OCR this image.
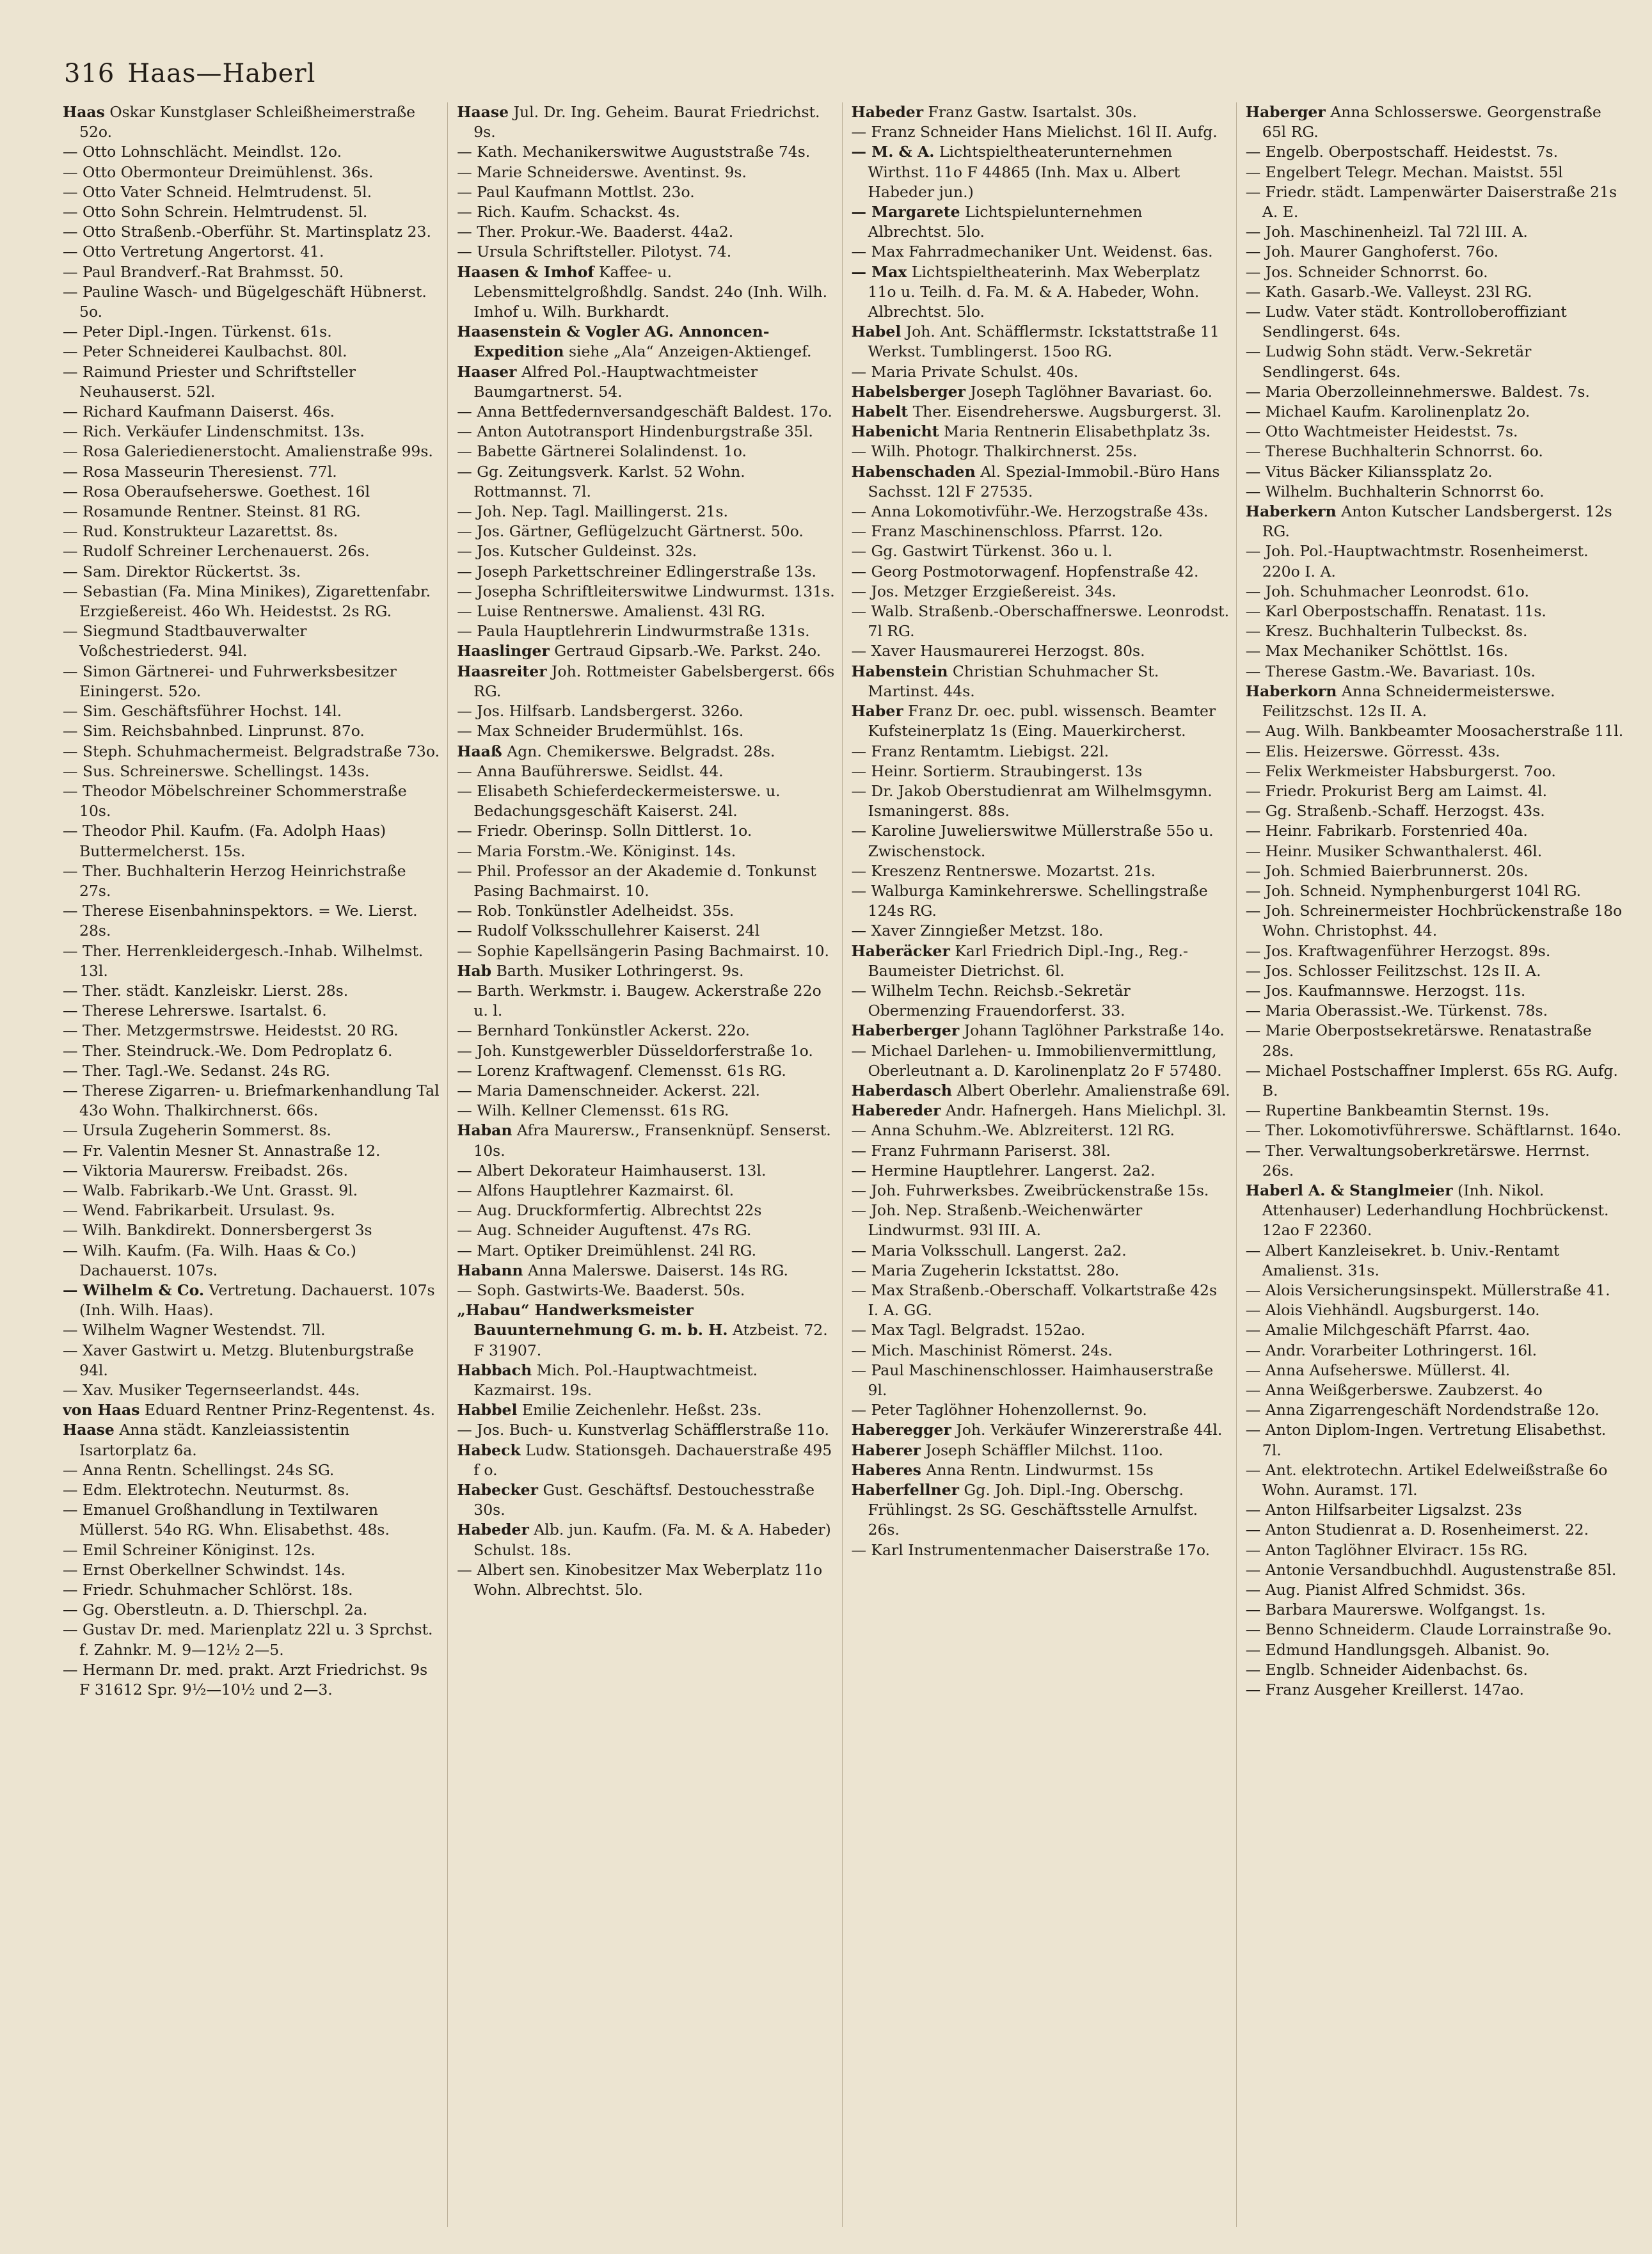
316 Haas—Haberl

Haas Oskar Kunstglaser Schleißheimerstraße 52o.

— Otto Lohnschlächt. Meindlst. 12o.

— Otto Obermonteur Dreimühlenst. 36s.

— Otto Vater Schneid. Helmtrudenst. 5l.

— Otto Sohn Schrein. Helmtrudenst. 5l.

— Otto Straßenb.-Oberführ. St. Martinsplatz 23.

— Otto Vertretung Angertorst. 41.

— Paul Brandverf.-Rat Brahmsst. 50.

— Pauline Wasch- und Bügelgeschäft Hübnerst. 5o.

— Peter Dipl.-Ingen. Türkenst. 61s.

— Peter Schneiderei Kaulbachst. 80l.

— Raimund Priester und Schriftsteller Neuhauserst. 52l.

— Richard Kaufmann Daiserst. 46s.

— Rich. Verkäufer Lindenschmitst. 13s.

— Rosa Galeriedienerstocht. Amalienstraße 99s.

— Rosa Masseurin Theresienst. 77l.

— Rosa Oberaufseherswe. Goethest. 16l

— Rosamunde Rentner. Steinst. 81 RG.

— Rud. Konstrukteur Lazarettst. 8s.

— Rudolf Schreiner Lerchenauerst. 26s.

— Sam. Direktor Rückertst. 3s.

— Sebastian (Fa. Mina Minikes), Zigarettenfabr. Erzgießereist. 46o Wh. Heidestst. 2s RG.

— Siegmund Stadtbauverwalter Voßchestriederst. 94l.

— Simon Gärtnerei- und Fuhrwerksbesitzer Einingerst. 52o.

— Sim. Geschäftsführer Hochst. 14l.

— Sim. Reichsbahnbed. Linprunst. 87o.

— Steph. Schuhmachermeist. Belgradstraße 73o.

— Sus. Schreinerswe. Schellingst. 143s.

— Theodor Möbelschreiner Schommerstraße 10s.

— Theodor Phil. Kaufm. (Fa. Adolph Haas) Buttermelcherst. 15s.

— Ther. Buchhalterin Herzog Heinrichstraße 27s.

— Therese Eisenbahninspektors. = We. Lierst. 28s.

— Ther. Herrenkleidergesch.-Inhab. Wilhelmst. 13l.

— Ther. städt. Kanzleiskr. Lierst. 28s.

— Therese Lehrerswe. Isartalst. 6.

— Ther. Metzgermstrswe. Heidestst. 20 RG.

— Ther. Steindruck.-We. Dom Pedroplatz 6.

— Ther. Tagl.-We. Sedanst. 24s RG.

— Therese Zigarren- u. Briefmarkenhandlung Tal 43o Wohn. Thalkirchnerst. 66s.

— Ursula Zugeherin Sommerst. 8s.

— Fr. Valentin Mesner St. Annastraße 12.

— Viktoria Maurersw. Freibadst. 26s.

— Walb. Fabrikarb.-We Unt. Grasst. 9l.

— Wend. Fabrikarbeit. Ursulast. 9s.

— Wilh. Bankdirekt. Donnersbergerst 3s

— Wilh. Kaufm. (Fa. Wilh. Haas & Co.) Dachauerst. 107s.

— Wilhelm & Co. Vertretung. Dachauerst. 107s (Inh. Wilh. Haas).

— Wilhelm Wagner Westendst. 7ll.

— Xaver Gastwirt u. Metzg. Blutenburgstraße 94l.

— Xav. Musiker Tegernseerlandst. 44s.

von Haas Eduard Rentner Prinz-Regentenst. 4s.

Haase Anna städt. Kanzleiassistentin Isartorplatz 6a.

— Anna Rentn. Schellingst. 24s SG.

— Edm. Elektrotechn. Neuturmst. 8s.

— Emanuel Großhandlung in Textilwaren Müllerst. 54o RG. Whn. Elisabethst. 48s.

— Emil Schreiner Königinst. 12s.

— Ernst Oberkellner Schwindst. 14s.

— Friedr. Schuhmacher Schlörst. 18s.

— Gg. Oberstleutn. a. D. Thierschpl. 2a.

— Gustav Dr. med. Marienplatz 22l u. 3 Sprchst. f. Zahnkr. M. 9—12½ 2—5.

— Hermann Dr. med. prakt. Arzt Friedrichst. 9s F 31612 Spr. 9½—10½ und 2—3.

Haase Jul. Dr. Ing. Geheim. Baurat Friedrichst. 9s.

— Kath. Mechanikerswitwe Auguststraße 74s.

— Marie Schneiderswe. Aventinst. 9s.

— Paul Kaufmann Mottlst. 23o.

— Rich. Kaufm. Schackst. 4s.

— Ther. Prokur.-We. Baaderst. 44a2.

— Ursula Schriftsteller. Pilotyst. 74.

Haasen & Imhof Kaffee- u. Lebensmittelgroßhdlg. Sandst. 24o (Inh. Wilh. Imhof u. Wilh. Burkhardt.

Haasenstein & Vogler AG. Annoncen-Expedition siehe „Ala“ Anzeigen-Aktiengef.

Haaser Alfred Pol.-Hauptwachtmeister Baumgartnerst. 54.

— Anna Bettfedernversandgeschäft Baldest. 17o.

— Anton Autotransport Hindenburgstraße 35l.

— Babette Gärtnerei Solalindenst. 1o.

— Gg. Zeitungsverk. Karlst. 52 Wohn. Rottmannst. 7l.

— Joh. Nep. Tagl. Maillingerst. 21s.

— Jos. Gärtner, Geflügelzucht Gärtnerst. 50o.

— Jos. Kutscher Guldeinst. 32s.

— Joseph Parkettschreiner Edlingerstraße 13s.

— Josepha Schriftleiterswitwe Lindwurmst. 131s.

— Luise Rentnerswe. Amalienst. 43l RG.

— Paula Hauptlehrerin Lindwurmstraße 131s.

Haaslinger Gertraud Gipsarb.-We. Parkst. 24o.

Haasreiter Joh. Rottmeister Gabelsbergerst. 66s RG.

— Jos. Hilfsarb. Landsbergerst. 326o.

— Max Schneider Brudermühlst. 16s.

Haaß Agn. Chemikerswe. Belgradst. 28s.

— Anna Bauführerswe. Seidlst. 44.

— Elisabeth Schieferdeckermeisterswe. u. Bedachungsgeschäft Kaiserst. 24l.

— Friedr. Oberinsp. Solln Dittlerst. 1o.

— Maria Forstm.-We. Königinst. 14s.

— Phil. Professor an der Akademie d. Tonkunst Pasing Bachmairst. 10.

— Rob. Tonkünstler Adelheidst. 35s.

— Rudolf Volksschullehrer Kaiserst. 24l

— Sophie Kapellsängerin Pasing Bachmairst. 10.

Hab Barth. Musiker Lothringerst. 9s.

— Barth. Werkmstr. i. Baugew. Ackerstraße 22o u. l.

— Bernhard Tonkünstler Ackerst. 22o.

— Joh. Kunstgewerbler Düsseldorferstraße 1o.

— Lorenz Kraftwagenf. Clemensst. 61s RG.

— Maria Damenschneider. Ackerst. 22l.

— Wilh. Kellner Clemensst. 61s RG.

Haban Afra Maurersw., Fransenknüpf. Senserst. 10s.

— Albert Dekorateur Haimhauserst. 13l.

— Alfons Hauptlehrer Kazmairst. 6l.

— Aug. Druckformfertig. Albrechtst 22s

— Aug. Schneider Auguftenst. 47s RG.

— Mart. Optiker Dreimühlenst. 24l RG.

Habann Anna Malerswe. Daiserst. 14s RG.

— Soph. Gastwirts-We. Baaderst. 50s.

„Habau“ Handwerksmeister Bauunternehmung G. m. b. H. Atzbeist. 72. F 31907.

Habbach Mich. Pol.-Hauptwachtmeist. Kazmairst. 19s.

Habbel Emilie Zeichenlehr. Heßst. 23s.

— Jos. Buch- u. Kunstverlag Schäfflerstraße 11o.

Habeck Ludw. Stationsgeh. Dachauerstraße 495 f o.

Habecker Gust. Geschäftsf. Destouchesstraße 30s.

Habeder Alb. jun. Kaufm. (Fa. M. & A. Habeder) Schulst. 18s.

— Albert sen. Kinobesitzer Max Weberplatz 11o Wohn. Albrechtst. 5lo.

Habeder Franz Gastw. Isartalst. 30s.

— Franz Schneider Hans Mielichst. 16l II. Aufg.

— M. & A. Lichtspieltheaterunternehmen Wirthst. 11o F 44865 (Inh. Max u. Albert Habeder jun.)

— Margarete Lichtspielunternehmen Albrechtst. 5lo.

— Max Fahrradmechaniker Unt. Weidenst. 6as.

— Max Lichtspieltheaterinh. Max Weberplatz 11o u. Teilh. d. Fa. M. & A. Habeder, Wohn. Albrechtst. 5lo.

Habel Joh. Ant. Schäfflermstr. Ickstattstraße 11 Werkst. Tumblingerst. 15oo RG.

— Maria Private Schulst. 40s.

Habelsberger Joseph Taglöhner Bavariast. 6o.

Habelt Ther. Eisendreherswe. Augsburgerst. 3l.

Habenicht Maria Rentnerin Elisabethplatz 3s.

— Wilh. Photogr. Thalkirchnerst. 25s.

Habenschaden Al. Spezial-Immobil.-Büro Hans Sachsst. 12l F 27535.

— Anna Lokomotivführ.-We. Herzogstraße 43s.

— Franz Maschinenschloss. Pfarrst. 12o.

— Gg. Gastwirt Türkenst. 36o u. l.

— Georg Postmotorwagenf. Hopfenstraße 42.

— Jos. Metzger Erzgießereist. 34s.

— Walb. Straßenb.-Oberschaffnerswe. Leonrodst. 7l RG.

— Xaver Hausmaurerei Herzogst. 80s.

Habenstein Christian Schuhmacher St. Martinst. 44s.

Haber Franz Dr. oec. publ. wissensch. Beamter Kufsteinerplatz 1s (Eing. Mauerkircherst.

— Franz Rentamtm. Liebigst. 22l.

— Heinr. Sortierm. Straubingerst. 13s

— Dr. Jakob Oberstudienrat am Wilhelmsgymn. Ismaningerst. 88s.

— Karoline Juwelierswitwe Müllerstraße 55o u. Zwischenstock.

— Kreszenz Rentnerswe. Mozartst. 21s.

— Walburga Kaminkehrerswe. Schellingstraße 124s RG.

— Xaver Zinngießer Metzst. 18o.

Haberäcker Karl Friedrich Dipl.-Ing., Reg.-Baumeister Dietrichst. 6l.

— Wilhelm Techn. Reichsb.-Sekretär Obermenzing Frauendorferst. 33.

Haberberger Johann Taglöhner Parkstraße 14o.

— Michael Darlehen- u. Immobilienvermittlung, Oberleutnant a. D. Karolinenplatz 2o F 57480.

Haberdasch Albert Oberlehr. Amalienstraße 69l.

Habereder Andr. Hafnergeh. Hans Mielichpl. 3l.

— Anna Schuhm.-We. Ablzreiterst. 12l RG.

— Franz Fuhrmann Pariserst. 38l.

— Hermine Hauptlehrer. Langerst. 2a2.

— Joh. Fuhrwerksbes. Zweibrückenstraße 15s.

— Joh. Nep. Straßenb.-Weichenwärter Lindwurmst. 93l III. A.

— Maria Volksschull. Langerst. 2a2.

— Maria Zugeherin Ickstattst. 28o.

— Max Straßenb.-Oberschaff. Volkartstraße 42s I. A. GG.

— Max Tagl. Belgradst. 152ao.

— Mich. Maschinist Römerst. 24s.

— Paul Maschinenschlosser. Haimhauserstraße 9l.

— Peter Taglöhner Hohenzollernst. 9o.

Haberegger Joh. Verkäufer Winzererstraße 44l.

Haberer Joseph Schäffler Milchst. 11oo.

Haberes Anna Rentn. Lindwurmst. 15s

Haberfellner Gg. Joh. Dipl.-Ing. Oberschg. Frühlingst. 2s SG. Geschäftsstelle Arnulfst. 26s.

— Karl Instrumentenmacher Daiserstraße 17o.

Haberger Anna Schlosserswe. Georgenstraße 65l RG.

— Engelb. Oberpostschaff. Heidestst. 7s.

— Engelbert Telegr. Mechan. Maistst. 55l

— Friedr. städt. Lampenwärter Daiserstraße 21s A. E.

— Joh. Maschinenheizl. Tal 72l III. A.

— Joh. Maurer Ganghoferst. 76o.

— Jos. Schneider Schnorrst. 6o.

— Kath. Gasarb.-We. Valleyst. 23l RG.

— Ludw. Vater städt. Kontrolloberoffiziant Sendlingerst. 64s.

— Ludwig Sohn städt. Verw.-Sekretär Sendlingerst. 64s.

— Maria Oberzolleinnehmerswe. Baldest. 7s.

— Michael Kaufm. Karolinenplatz 2o.

— Otto Wachtmeister Heidestst. 7s.

— Therese Buchhalterin Schnorrst. 6o.

— Vitus Bäcker Kilianssplatz 2o.

— Wilhelm. Buchhalterin Schnorrst 6o.

Haberkern Anton Kutscher Landsbergerst. 12s RG.

— Joh. Pol.-Hauptwachtmstr. Rosenheimerst. 220o I. A.

— Joh. Schuhmacher Leonrodst. 61o.

— Karl Oberpostschaffn. Renatast. 11s.

— Kresz. Buchhalterin Tulbeckst. 8s.

— Max Mechaniker Schöttlst. 16s.

— Therese Gastm.-We. Bavariast. 10s.

Haberkorn Anna Schneidermeisterswe. Feilitzschst. 12s II. A.

— Aug. Wilh. Bankbeamter Moosacherstraße 11l.

— Elis. Heizerswe. Görresst. 43s.

— Felix Werkmeister Habsburgerst. 7oo.

— Friedr. Prokurist Berg am Laimst. 4l.

— Gg. Straßenb.-Schaff. Herzogst. 43s.

— Heinr. Fabrikarb. Forstenried 40a.

— Heinr. Musiker Schwanthalerst. 46l.

— Joh. Schmied Baierbrunnerst. 20s.

— Joh. Schneid. Nymphenburgerst 104l RG.

— Joh. Schreinermeister Hochbrückenstraße 18o Wohn. Christophst. 44.

— Jos. Kraftwagenführer Herzogst. 89s.

— Jos. Schlosser Feilitzschst. 12s II. A.

— Jos. Kaufmannswe. Herzogst. 11s.

— Maria Oberassist.-We. Türkenst. 78s.

— Marie Oberpostsekretärswe. Renatastraße 28s.

— Michael Postschaffner Implerst. 65s RG. Aufg. B.

— Rupertine Bankbeamtin Sternst. 19s.

— Ther. Lokomotivführerswe. Schäftlarnst. 164o.

— Ther. Verwaltungsoberkretärswe. Herrnst. 26s.

Haberl A. & Stanglmeier (Inh. Nikol. Attenhauser) Lederhandlung Hochbrückenst. 12ao F 22360.

— Albert Kanzleisekret. b. Univ.-Rentamt Amalienst. 31s.

— Alois Versicherungsinspekt. Müllerstraße 41.

— Alois Viehhändl. Augsburgerst. 14o.

— Amalie Milchgeschäft Pfarrst. 4ao.

— Andr. Vorarbeiter Lothringerst. 16l.

— Anna Aufseherswe. Müllerst. 4l.

— Anna Weißgerberswe. Zaubzerst. 4o

— Anna Zigarrengeschäft Nordendstraße 12o.

— Anton Diplom-Ingen. Vertretung Elisabethst. 7l.

— Ant. elektrotechn. Artikel Edelweißstraße 6o Wohn. Auramst. 17l.

— Anton Hilfsarbeiter Ligsalzst. 23s

— Anton Studienrat a. D. Rosenheimerst. 22.

— Anton Taglöhner Elviraст. 15s RG.

— Antonie Versandbuchhdl. Augustenstraße 85l.

— Aug. Pianist Alfred Schmidst. 36s.

— Barbara Maurerswe. Wolfgangst. 1s.

— Benno Schneiderm. Claude Lorrainstraße 9o.

— Edmund Handlungsgeh. Albanist. 9o.

— Englb. Schneider Aidenbachst. 6s.

— Franz Ausgeher Kreillerst. 147ao.
